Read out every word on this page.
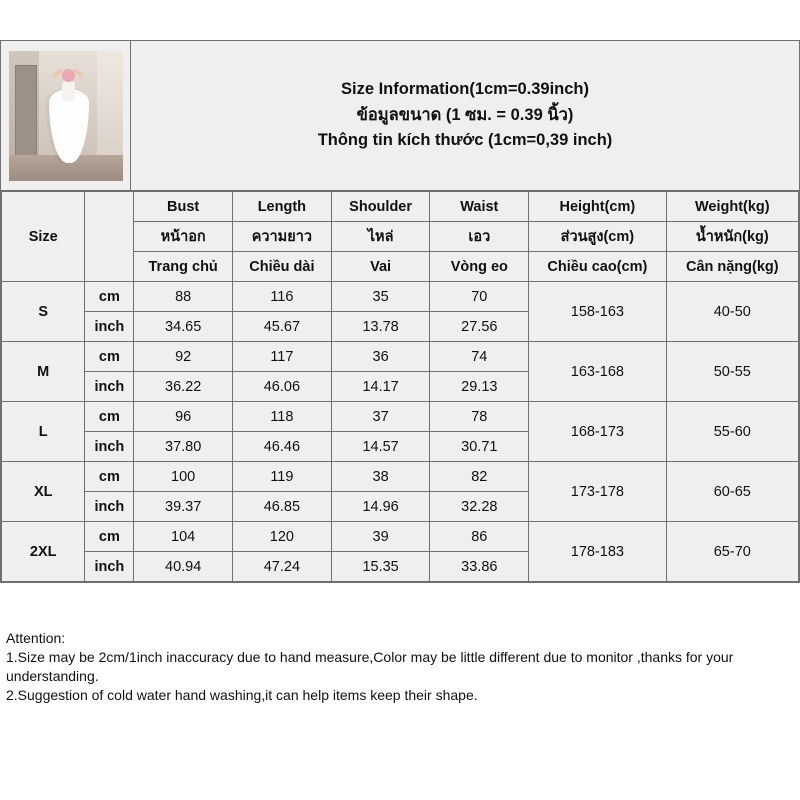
Size Information(1cm=0.39inch)
ข้อมูลขนาด (1 ซม. = 0.39 นิ้ว)
Thông tin kích thước (1cm=0,39 inch)
Size		Bust	Length	Shoulder	Waist	Height(cm)	Weight(kg)
		หน้าอก	ความยาว	ไหล่	เอว	ส่วนสูง(cm)	น้ำหนัก(kg)
		Trang chủ	Chiều dài	Vai	Vòng eo	Chiều cao(cm)	Cân nặng(kg)
S	cm	88	116	35	70	158-163	40-50
	inch	34.65	45.67	13.78	27.56		
M	cm	92	117	36	74	163-168	50-55
	inch	36.22	46.06	14.17	29.13		
L	cm	96	118	37	78	168-173	55-60
	inch	37.80	46.46	14.57	30.71		
XL	cm	100	119	38	82	173-178	60-65
	inch	39.37	46.85	14.96	32.28		
2XL	cm	104	120	39	86	178-183	65-70
	inch	40.94	47.24	15.35	33.86		

Attention:

1.Size may be 2cm/1inch inaccuracy due to hand measure,Color may be little different due to monitor ,thanks for your understanding.

2.Suggestion of cold water hand washing,it can help items keep their shape.
